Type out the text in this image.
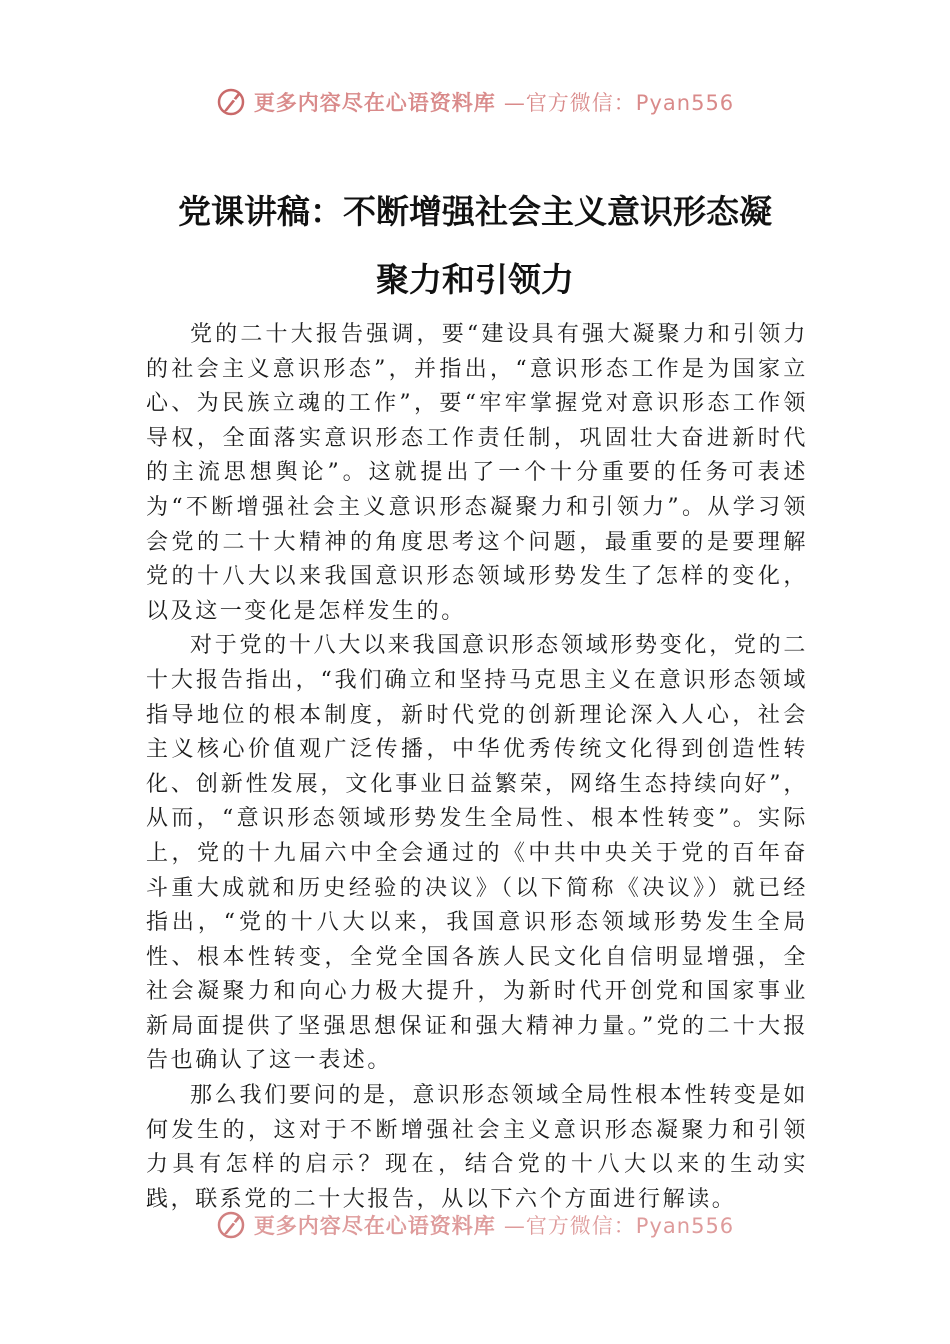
更多内容尽在心语资料库 —官方微信：Pyan556
党课讲稿：不断增强社会主义意识形态凝
聚力和引领力

党的二十大报告强调，要“建设具有强大凝聚力和引领力的社会主义意识形态”，并指出，“意识形态工作是为国家立心、为民族立魂的工作”，要“牢牢掌握党对意识形态工作领导权，全面落实意识形态工作责任制，巩固壮大奋进新时代的主流思想舆论”。这就提出了一个十分重要的任务可表述为“不断增强社会主义意识形态凝聚力和引领力”。从学习领会党的二十大精神的角度思考这个问题，最重要的是要理解党的十八大以来我国意识形态领域形势发生了怎样的变化，以及这一变化是怎样发生的。

对于党的十八大以来我国意识形态领域形势变化，党的二十大报告指出，“我们确立和坚持马克思主义在意识形态领域指导地位的根本制度，新时代党的创新理论深入人心，社会主义核心价值观广泛传播，中华优秀传统文化得到创造性转化、创新性发展，文化事业日益繁荣，网络生态持续向好”，从而，“意识形态领域形势发生全局性、根本性转变”。实际上，党的十九届六中全会通过的《中共中央关于党的百年奋斗重大成就和历史经验的决议》（以下简称《决议》）就已经指出，“党的十八大以来，我国意识形态领域形势发生全局性、根本性转变，全党全国各族人民文化自信明显增强，全社会凝聚力和向心力极大提升，为新时代开创党和国家事业新局面提供了坚强思想保证和强大精神力量。”党的二十大报告也确认了这一表述。

那么我们要问的是，意识形态领域全局性根本性转变是如何发生的，这对于不断增强社会主义意识形态凝聚力和引领力具有怎样的启示？现在，结合党的十八大以来的生动实践，联系党的二十大报告，从以下六个方面进行解读。

更多内容尽在心语资料库 —官方微信：Pyan556
